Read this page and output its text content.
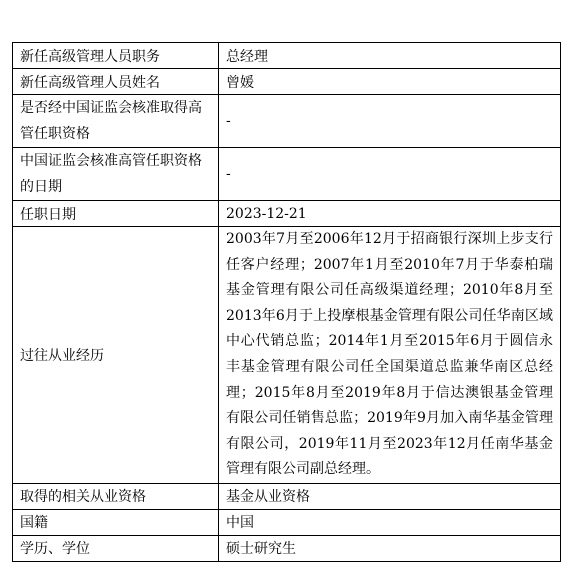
新任高级管理人员职务	总经理
新任高级管理人员姓名	曾媛
是否经中国证监会核准取得高管任职资格	-
中国证监会核准高管任职资格的日期	-
任职日期	2023-12-21
过往从业经历	2003年7月至2006年12月于招商银行深圳上步支行任客户经理；2007年1月至2010年7月于华泰柏瑞基金管理有限公司任高级渠道经理；2010年8月至2013年6月于上投摩根基金管理有限公司任华南区域中心代销总监；2014年1月至2015年6月于圆信永丰基金管理有限公司任全国渠道总监兼华南区总经理；2015年8月至2019年8月于信达澳银基金管理有限公司任销售总监；2019年9月加入南华基金管理有限公司，2019年11月至2023年12月任南华基金管理有限公司副总经理。
取得的相关从业资格	基金从业资格
国籍	中国
学历、学位	硕士研究生
